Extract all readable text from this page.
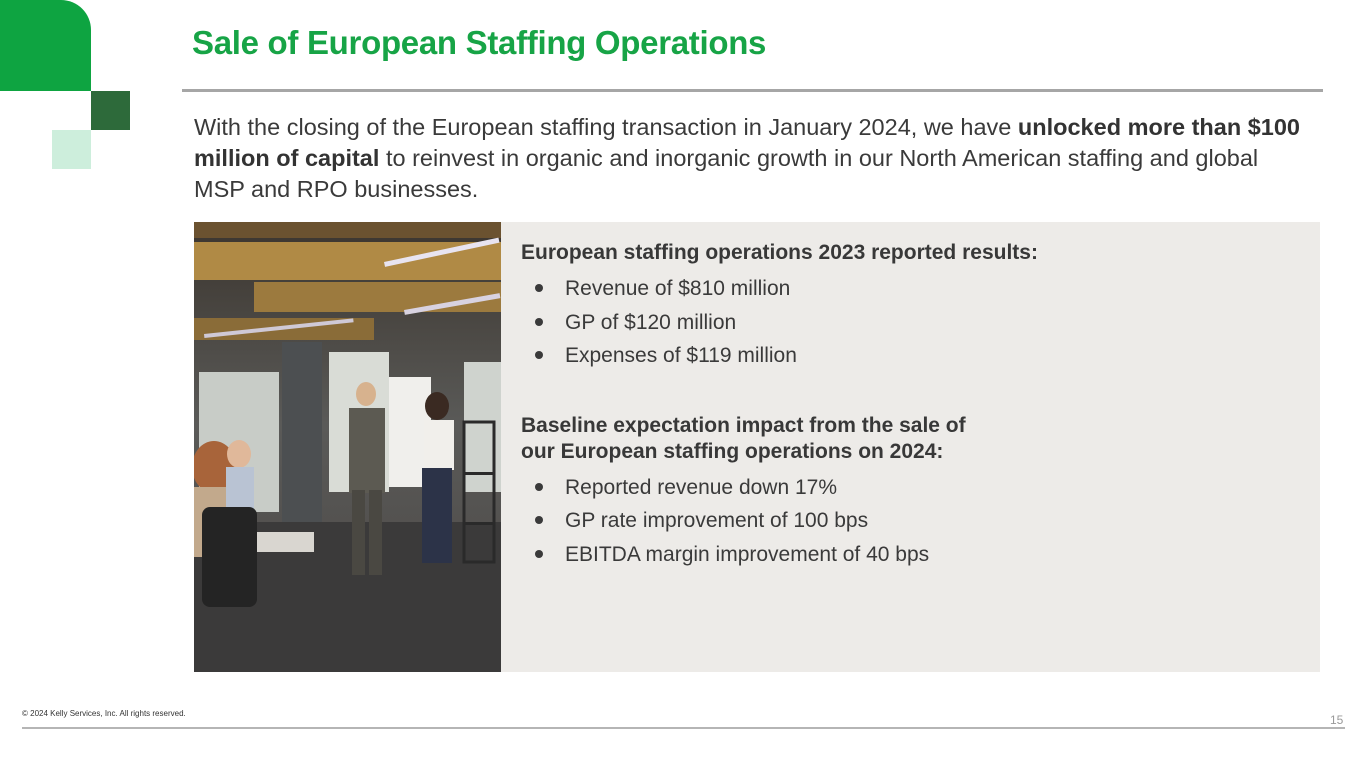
Sale of European Staffing Operations

With the closing of the European staffing transaction in January 2024, we have unlocked more than $100 million of capital to reinvest in organic and inorganic growth in our North American staffing and global MSP and RPO businesses.

European staffing operations 2023 reported results:

Revenue of $810 million
GP of $120 million
Expenses of $119 million

Baseline expectation impact from the sale of
our European staffing operations on 2024:

Reported revenue down 17%
GP rate improvement of 100 bps
EBITDA margin improvement of 40 bps
© 2024 Kelly Services, Inc. All rights reserved.	15
